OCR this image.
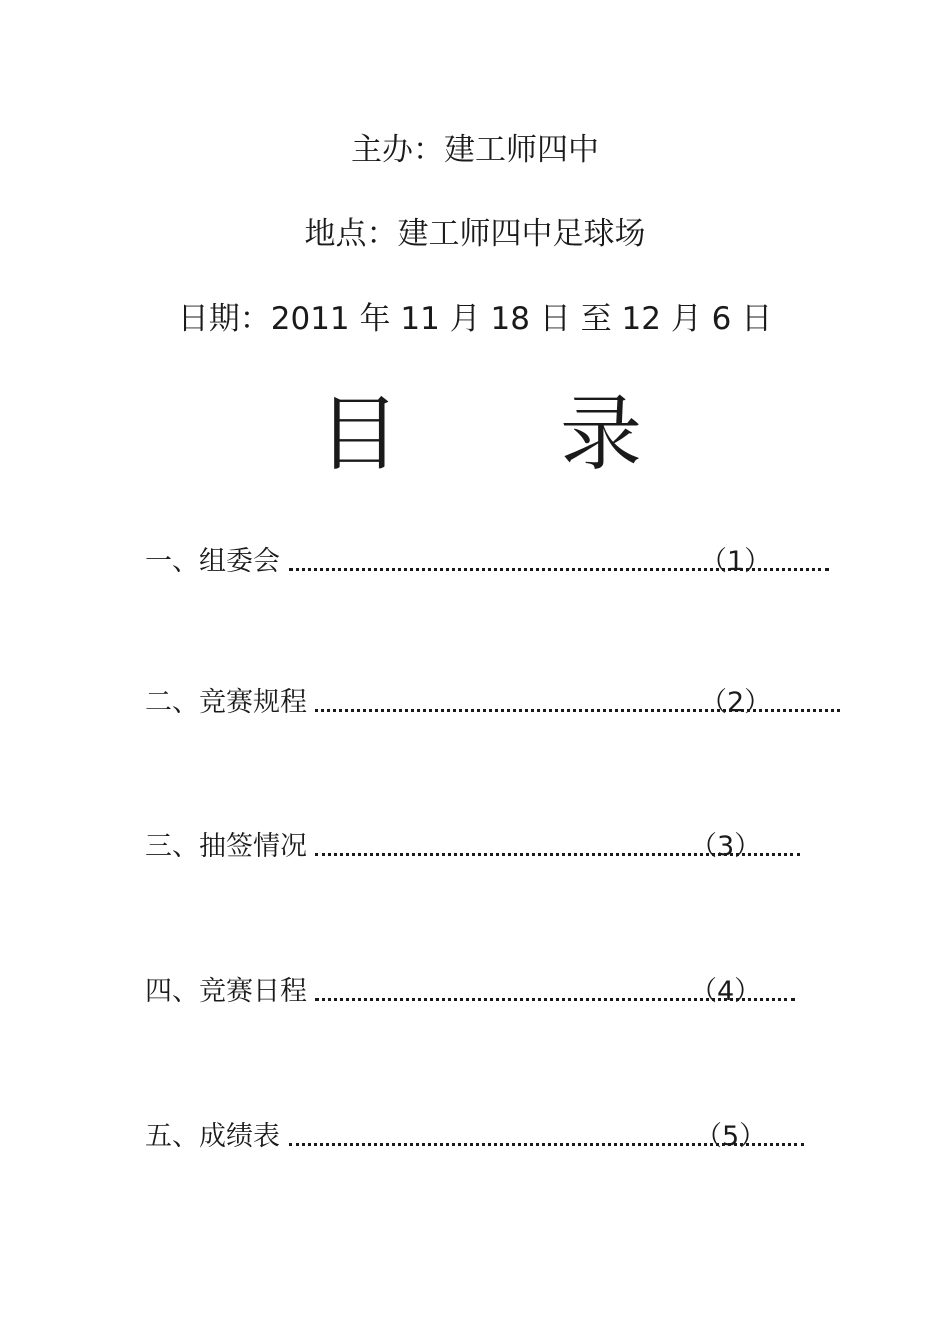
主办：建工师四中
地点：建工师四中足球场
日期：2011 年 11 月 18 日 至 12 月 6 日
目 录
一、组委会	（1）
二、竞赛规程	（2）
三、抽签情况	（3）
四、竞赛日程	（4）
五、成绩表	（5）
